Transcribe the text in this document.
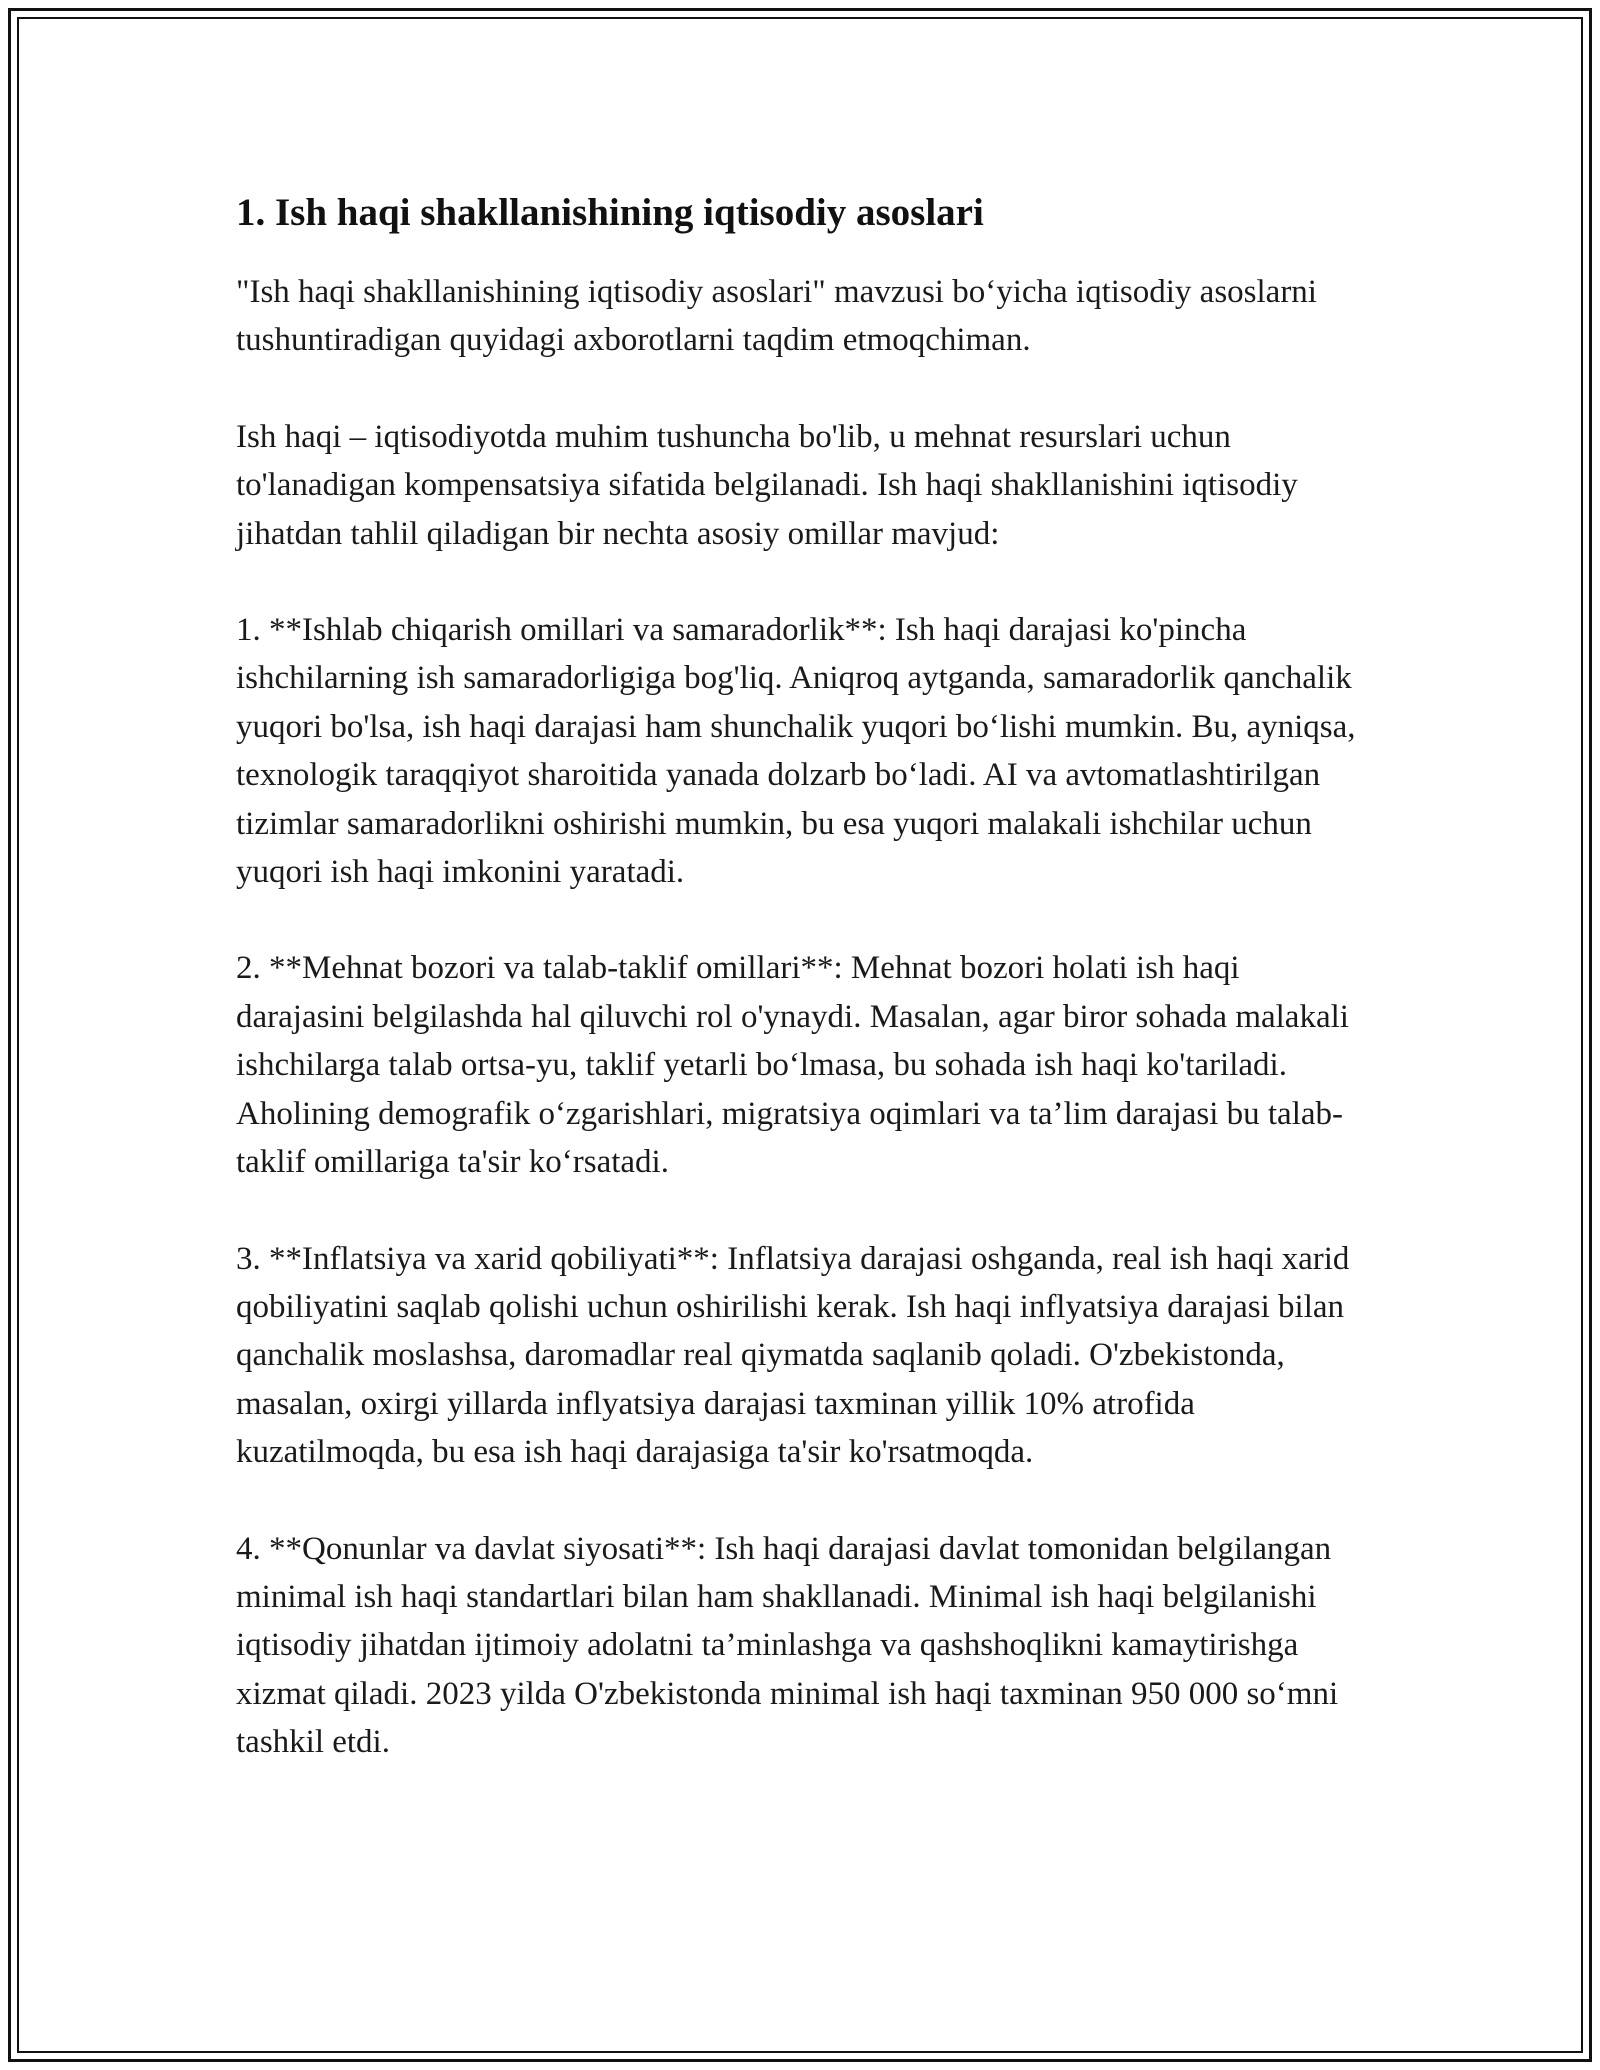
1. Ish haqi shakllanishining iqtisodiy asoslari

"Ish haqi shakllanishining iqtisodiy asoslari" mavzusi bo‘yicha iqtisodiy asoslarni tushuntiradigan quyidagi axborotlarni taqdim etmoqchiman.

Ish haqi – iqtisodiyotda muhim tushuncha bo'lib, u mehnat resurslari uchun to'lanadigan kompensatsiya sifatida belgilanadi. Ish haqi shakllanishini iqtisodiy jihatdan tahlil qiladigan bir nechta asosiy omillar mavjud:

1. **Ishlab chiqarish omillari va samaradorlik**: Ish haqi darajasi ko'pincha ishchilarning ish samaradorligiga bog'liq. Aniqroq aytganda, samaradorlik qanchalik yuqori bo'lsa, ish haqi darajasi ham shunchalik yuqori bo‘lishi mumkin. Bu, ayniqsa, texnologik taraqqiyot sharoitida yanada dolzarb bo‘ladi. AI va avtomatlashtirilgan tizimlar samaradorlikni oshirishi mumkin, bu esa yuqori malakali ishchilar uchun yuqori ish haqi imkonini yaratadi.

2. **Mehnat bozori va talab-taklif omillari**: Mehnat bozori holati ish haqi darajasini belgilashda hal qiluvchi rol o'ynaydi. Masalan, agar biror sohada malakali ishchilarga talab ortsa-yu, taklif yetarli bo‘lmasa, bu sohada ish haqi ko'tariladi. Aholining demografik o‘zgarishlari, migratsiya oqimlari va ta’lim darajasi bu talab-taklif omillariga ta'sir ko‘rsatadi.

3. **Inflatsiya va xarid qobiliyati**: Inflatsiya darajasi oshganda, real ish haqi xarid qobiliyatini saqlab qolishi uchun oshirilishi kerak. Ish haqi inflyatsiya darajasi bilan qanchalik moslashsa, daromadlar real qiymatda saqlanib qoladi. O'zbekistonda, masalan, oxirgi yillarda inflyatsiya darajasi taxminan yillik 10% atrofida kuzatilmoqda, bu esa ish haqi darajasiga ta'sir ko'rsatmoqda.

4. **Qonunlar va davlat siyosati**: Ish haqi darajasi davlat tomonidan belgilangan minimal ish haqi standartlari bilan ham shakllanadi. Minimal ish haqi belgilanishi iqtisodiy jihatdan ijtimoiy adolatni ta’minlashga va qashshoqlikni kamaytirishga xizmat qiladi. 2023 yilda O'zbekistonda minimal ish haqi taxminan 950 000 so‘mni tashkil etdi.
